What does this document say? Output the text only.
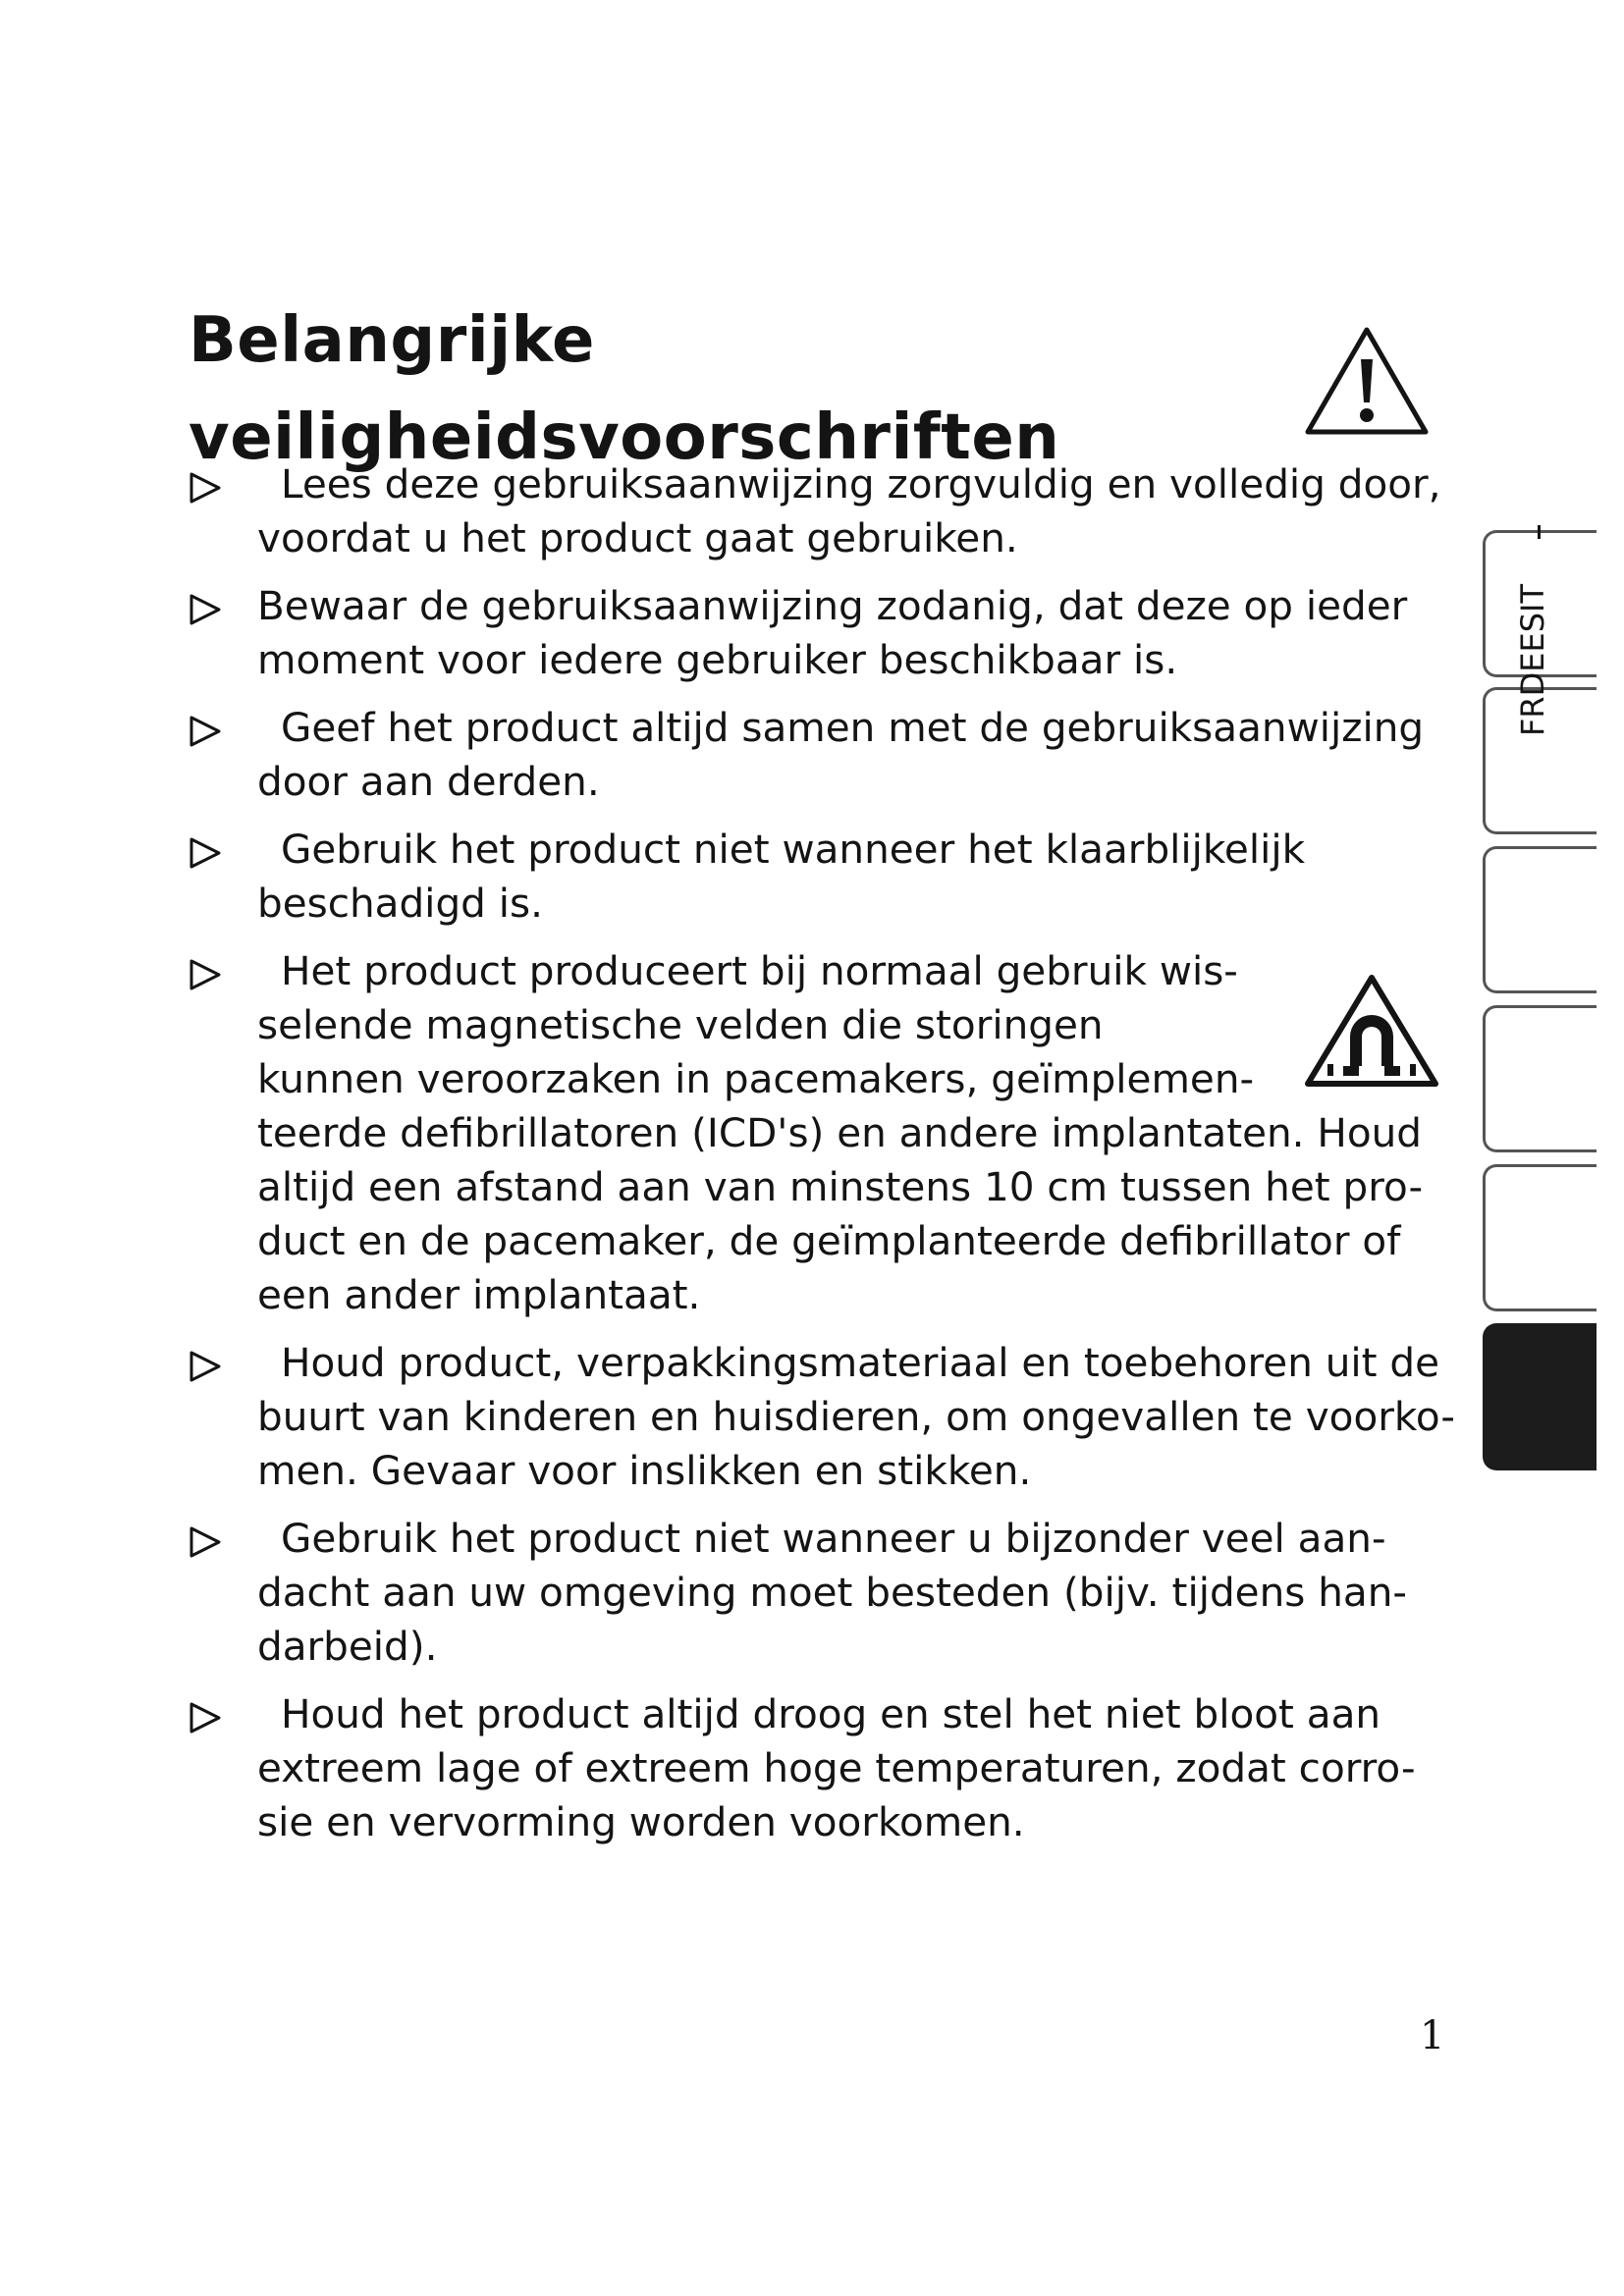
Belangrijke
veiligheidsvoorschriften
Lees deze gebruiksaanwijzing zorgvuldig en volledig door,
voordat u het product gaat gebruiken.
Bewaar de gebruiksaanwijzing zodanig, dat deze op ieder
moment voor iedere gebruiker beschikbaar is.
Geef het product altijd samen met de gebruiksaanwijzing
door aan derden.
Gebruik het product niet wanneer het klaarblijkelijk
beschadigd is.
Het product produceert bij normaal gebruik wis-
selende magnetische velden die storingen
kunnen veroorzaken in pacemakers, geïmplemen-
teerde defibrillatoren (ICD's) en andere implantaten. Houd
altijd een afstand aan van minstens 10 cm tussen het pro-
duct en de pacemaker, de geïmplanteerde defibrillator of
een ander implantaat.
Houd product, verpakkingsmateriaal en toebehoren uit de
buurt van kinderen en huisdieren, om ongevallen te voorko-
men. Gevaar voor inslikken en stikken.
Gebruik het product niet wanneer u bijzonder veel aan-
dacht aan uw omgeving moet besteden (bijv. tijdens han-
darbeid).
Houd het product altijd droog en stel het niet bloot aan
extreem lage of extreem hoge temperaturen, zodat corro-
sie en vervorming worden voorkomen.
FRDEESIT
1
